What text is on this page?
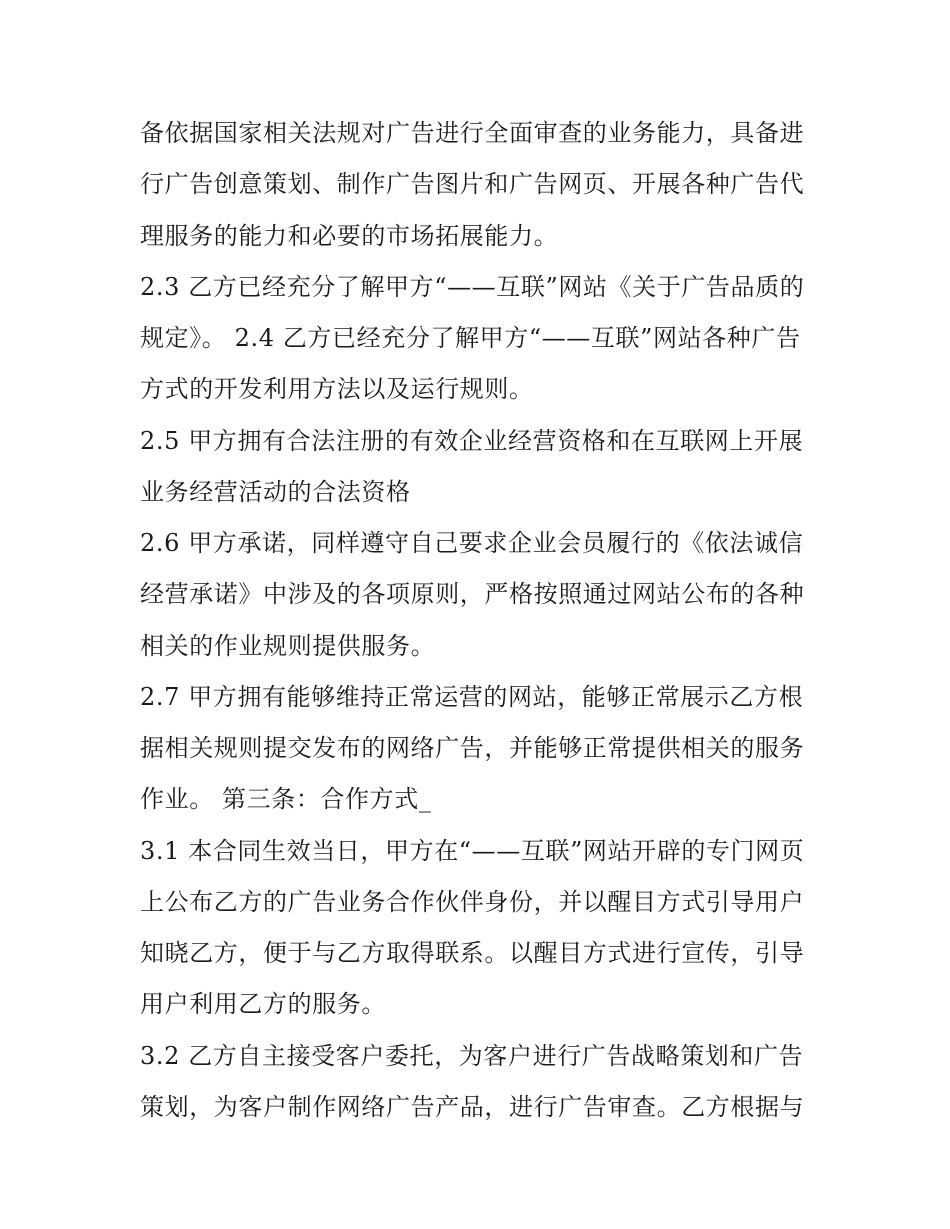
备依据国家相关法规对广告进行全面审查的业务能力，具备进
行广告创意策划、制作广告图片和广告网页、开展各种广告代
理服务的能力和必要的市场拓展能力。
2.3 乙方已经充分了解甲方“——互联”网站《关于广告品质的
规定》。 2.4 乙方已经充分了解甲方“——互联”网站各种广告
方式的开发利用方法以及运行规则。
2.5 甲方拥有合法注册的有效企业经营资格和在互联网上开展
业务经营活动的合法资格
2.6 甲方承诺，同样遵守自己要求企业会员履行的《依法诚信
经营承诺》中涉及的各项原则，严格按照通过网站公布的各种
相关的作业规则提供服务。
2.7 甲方拥有能够维持正常运营的网站，能够正常展示乙方根
据相关规则提交发布的网络广告，并能够正常提供相关的服务
作业。 第三条：合作方式_
3.1 本合同生效当日，甲方在“——互联”网站开辟的专门网页
上公布乙方的广告业务合作伙伴身份，并以醒目方式引导用户
知晓乙方，便于与乙方取得联系。以醒目方式进行宣传，引导
用户利用乙方的服务。
3.2 乙方自主接受客户委托，为客户进行广告战略策划和广告
策划，为客户制作网络广告产品，进行广告审查。乙方根据与
